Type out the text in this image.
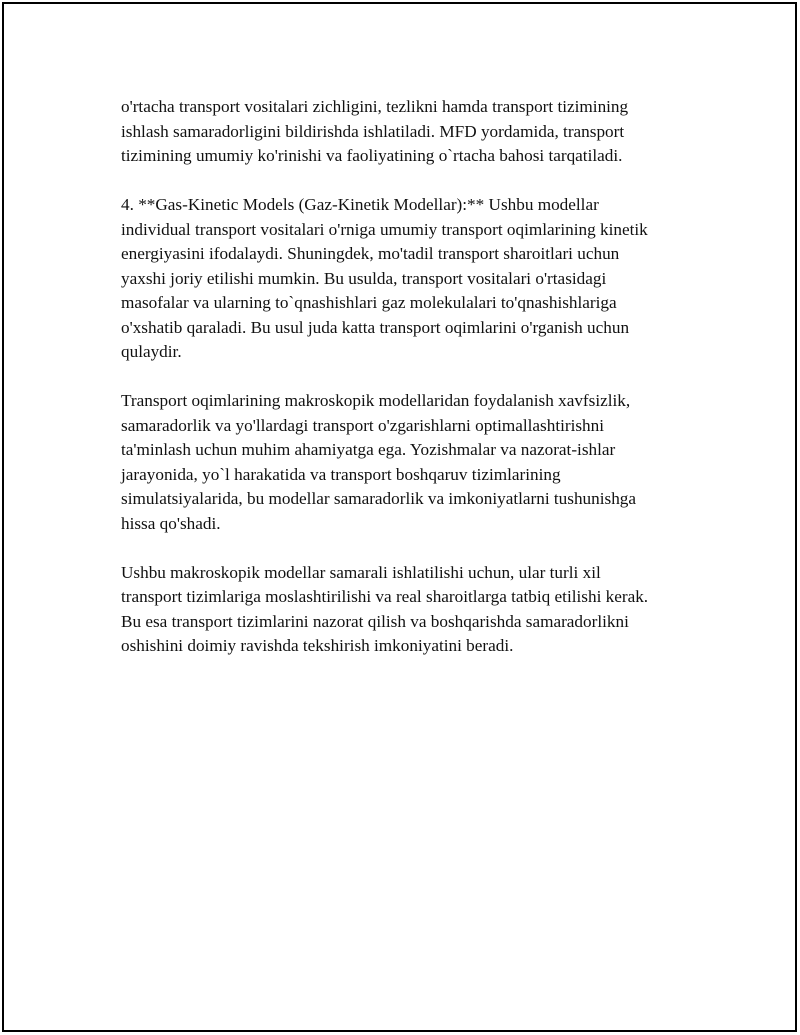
o'rtacha transport vositalari zichligini, tezlikni hamda transport tizimining
ishlash samaradorligini bildirishda ishlatiladi. MFD yordamida, transport
tizimining umumiy ko'rinishi va faoliyatining o`rtacha bahosi tarqatiladi.

4. **Gas-Kinetic Models (Gaz-Kinetik Modellar):** Ushbu modellar
individual transport vositalari o'rniga umumiy transport oqimlarining kinetik
energiyasini ifodalaydi. Shuningdek, mo'tadil transport sharoitlari uchun
yaxshi joriy etilishi mumkin. Bu usulda, transport vositalari o'rtasidagi
masofalar va ularning to`qnashishlari gaz molekulalari to'qnashishlariga
o'xshatib qaraladi. Bu usul juda katta transport oqimlarini o'rganish uchun
qulaydir.

Transport oqimlarining makroskopik modellaridan foydalanish xavfsizlik,
samaradorlik va yo'llardagi transport o'zgarishlarni optimallashtirishni
ta'minlash uchun muhim ahamiyatga ega. Yozishmalar va nazorat-ishlar
jarayonida, yo`l harakatida va transport boshqaruv tizimlarining
simulatsiyalarida, bu modellar samaradorlik va imkoniyatlarni tushunishga
hissa qo'shadi.

Ushbu makroskopik modellar samarali ishlatilishi uchun, ular turli xil
transport tizimlariga moslashtirilishi va real sharoitlarga tatbiq etilishi kerak.
Bu esa transport tizimlarini nazorat qilish va boshqarishda samaradorlikni
oshishini doimiy ravishda tekshirish imkoniyatini beradi.
